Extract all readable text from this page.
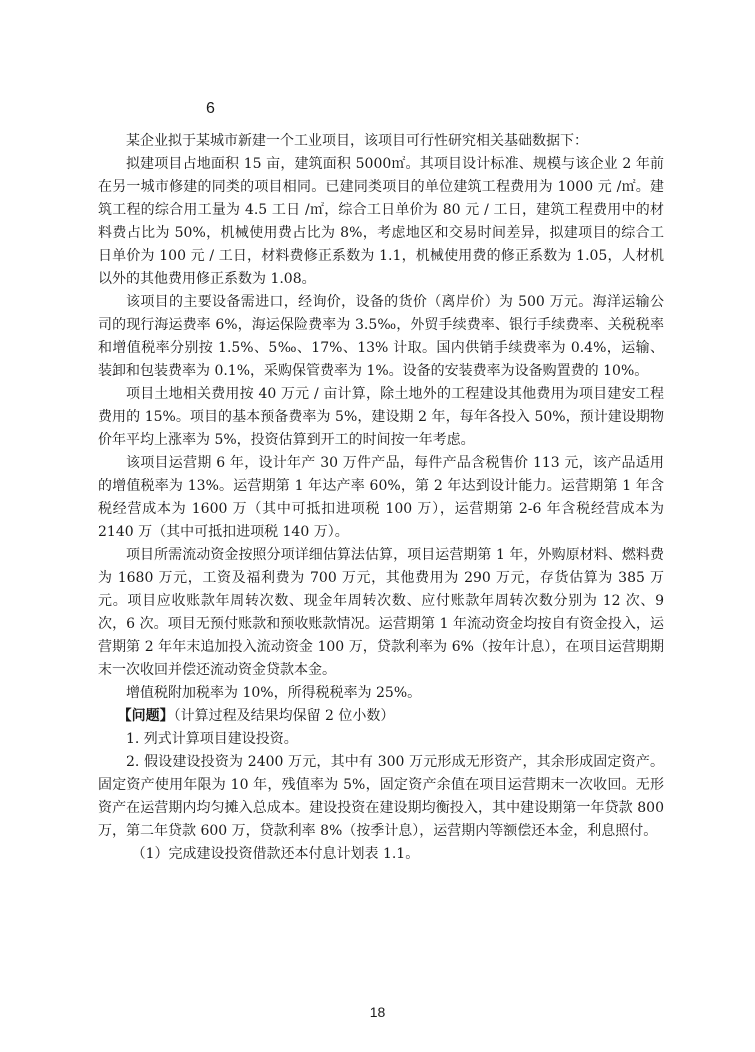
6

某企业拟于某城市新建一个工业项目，该项目可行性研究相关基础数据下：

拟建项目占地面积 15 亩，建筑面积 5000㎡。其项目设计标准、规模与该企业 2 年前在另一城市修建的同类的项目相同。已建同类项目的单位建筑工程费用为 1000 元 /㎡。建筑工程的综合用工量为 4.5 工日 /㎡，综合工日单价为 80 元 / 工日，建筑工程费用中的材料费占比为 50%，机械使用费占比为 8%，考虑地区和交易时间差异，拟建项目的综合工日单价为 100 元 / 工日，材料费修正系数为 1.1，机械使用费的修正系数为 1.05，人材机以外的其他费用修正系数为 1.08。

该项目的主要设备需进口，经询价，设备的货价（离岸价）为 500 万元。海洋运输公司的现行海运费率 6%，海运保险费率为 3.5‰，外贸手续费率、银行手续费率、关税税率和增值税率分别按 1.5%、5‰、17%、13% 计取。国内供销手续费率为 0.4%，运输、装卸和包装费率为 0.1%，采购保管费率为 1%。设备的安装费率为设备购置费的 10%。

项目土地相关费用按 40 万元 / 亩计算，除土地外的工程建设其他费用为项目建安工程费用的 15%。项目的基本预备费率为 5%，建设期 2 年，每年各投入 50%，预计建设期物价年平均上涨率为 5%，投资估算到开工的时间按一年考虑。

该项目运营期 6 年，设计年产 30 万件产品，每件产品含税售价 113 元，该产品适用的增值税率为 13%。运营期第 1 年达产率 60%，第 2 年达到设计能力。运营期第 1 年含税经营成本为 1600 万（其中可抵扣进项税 100 万），运营期第 2-6 年含税经营成本为 2140 万（其中可抵扣进项税 140 万）。

项目所需流动资金按照分项详细估算法估算，项目运营期第 1 年，外购原材料、燃料费为 1680 万元，工资及福利费为 700 万元，其他费用为 290 万元，存货估算为 385 万元。项目应收账款年周转次数、现金年周转次数、应付账款年周转次数分别为 12 次、9 次，6 次。项目无预付账款和预收账款情况。运营期第 1 年流动资金均按自有资金投入，运营期第 2 年年末追加投入流动资金 100 万，贷款利率为 6%（按年计息），在项目运营期期末一次收回并偿还流动资金贷款本金。

增值税附加税率为 10%，所得税税率为 25%。

【问题】（计算过程及结果均保留 2 位小数）

1. 列式计算项目建设投资。

2. 假设建设投资为 2400 万元，其中有 300 万元形成无形资产，其余形成固定资产。固定资产使用年限为 10 年，残值率为 5%，固定资产余值在项目运营期末一次收回。无形资产在运营期内均匀摊入总成本。建设投资在建设期均衡投入，其中建设期第一年贷款 800 万，第二年贷款 600 万，贷款利率 8%（按季计息），运营期内等额偿还本金，利息照付。

（1）完成建设投资借款还本付息计划表 1.1。

18
